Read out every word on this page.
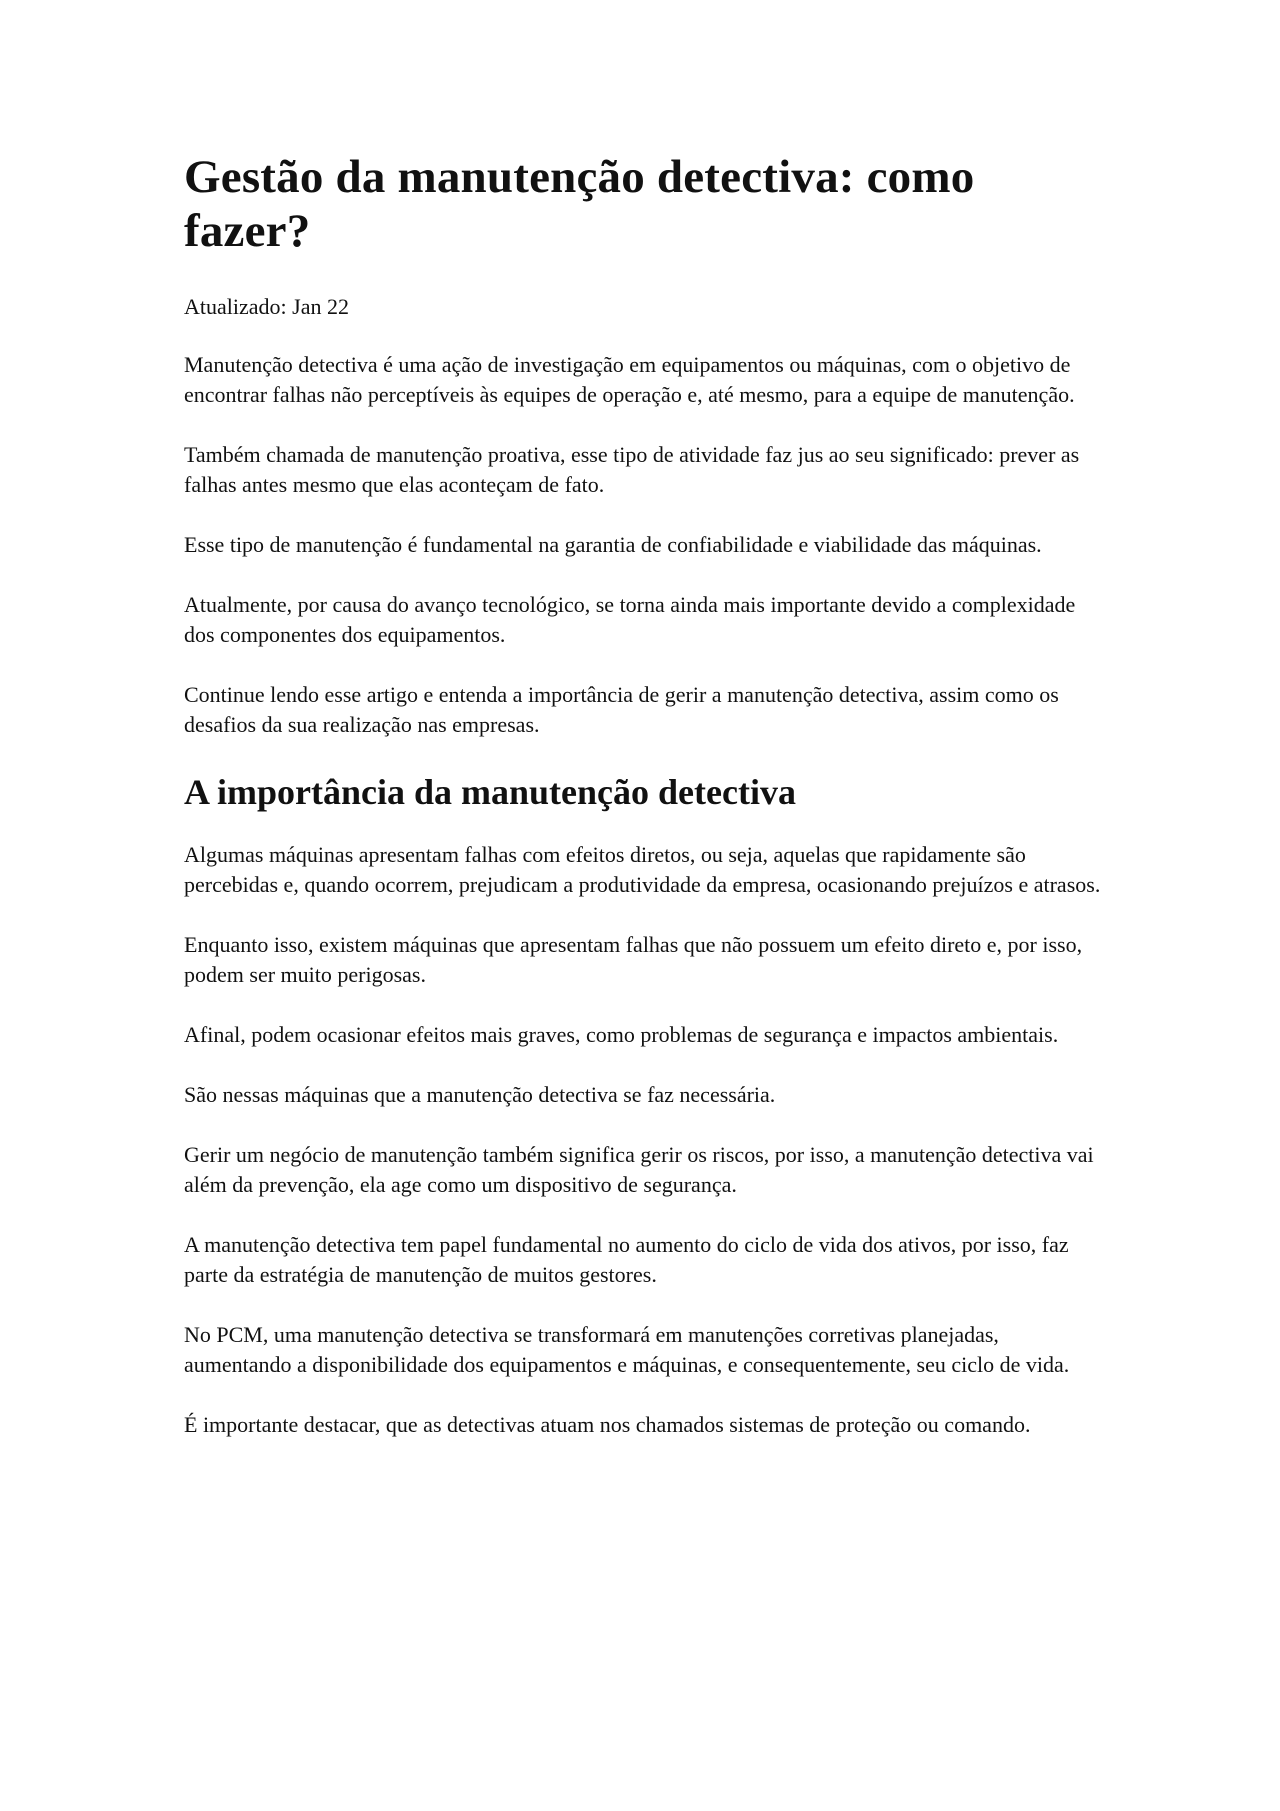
Gestão da manutenção detectiva: como fazer?
Atualizado: Jan 22

Manutenção detectiva é uma ação de investigação em equipamentos ou máquinas, com o objetivo de encontrar falhas não perceptíveis às equipes de operação e, até mesmo, para a equipe de manutenção.

Também chamada de manutenção proativa, esse tipo de atividade faz jus ao seu significado: prever as falhas antes mesmo que elas aconteçam de fato.

Esse tipo de manutenção é fundamental na garantia de confiabilidade e viabilidade das máquinas.

Atualmente, por causa do avanço tecnológico, se torna ainda mais importante devido a complexidade dos componentes dos equipamentos.

Continue lendo esse artigo e entenda a importância de gerir a manutenção detectiva, assim como os desafios da sua realização nas empresas.

A importância da manutenção detectiva

Algumas máquinas apresentam falhas com efeitos diretos, ou seja, aquelas que rapidamente são percebidas e, quando ocorrem, prejudicam a produtividade da empresa, ocasionando prejuízos e atrasos.

Enquanto isso, existem máquinas que apresentam falhas que não possuem um efeito direto e, por isso, podem ser muito perigosas.

Afinal, podem ocasionar efeitos mais graves, como problemas de segurança e impactos ambientais.

São nessas máquinas que a manutenção detectiva se faz necessária.

Gerir um negócio de manutenção também significa gerir os riscos, por isso, a manutenção detectiva vai além da prevenção, ela age como um dispositivo de segurança.

A manutenção detectiva tem papel fundamental no aumento do ciclo de vida dos ativos, por isso, faz parte da estratégia de manutenção de muitos gestores.

No PCM, uma manutenção detectiva se transformará em manutenções corretivas planejadas, aumentando a disponibilidade dos equipamentos e máquinas, e consequentemente, seu ciclo de vida.

É importante destacar, que as detectivas atuam nos chamados sistemas de proteção ou comando.
